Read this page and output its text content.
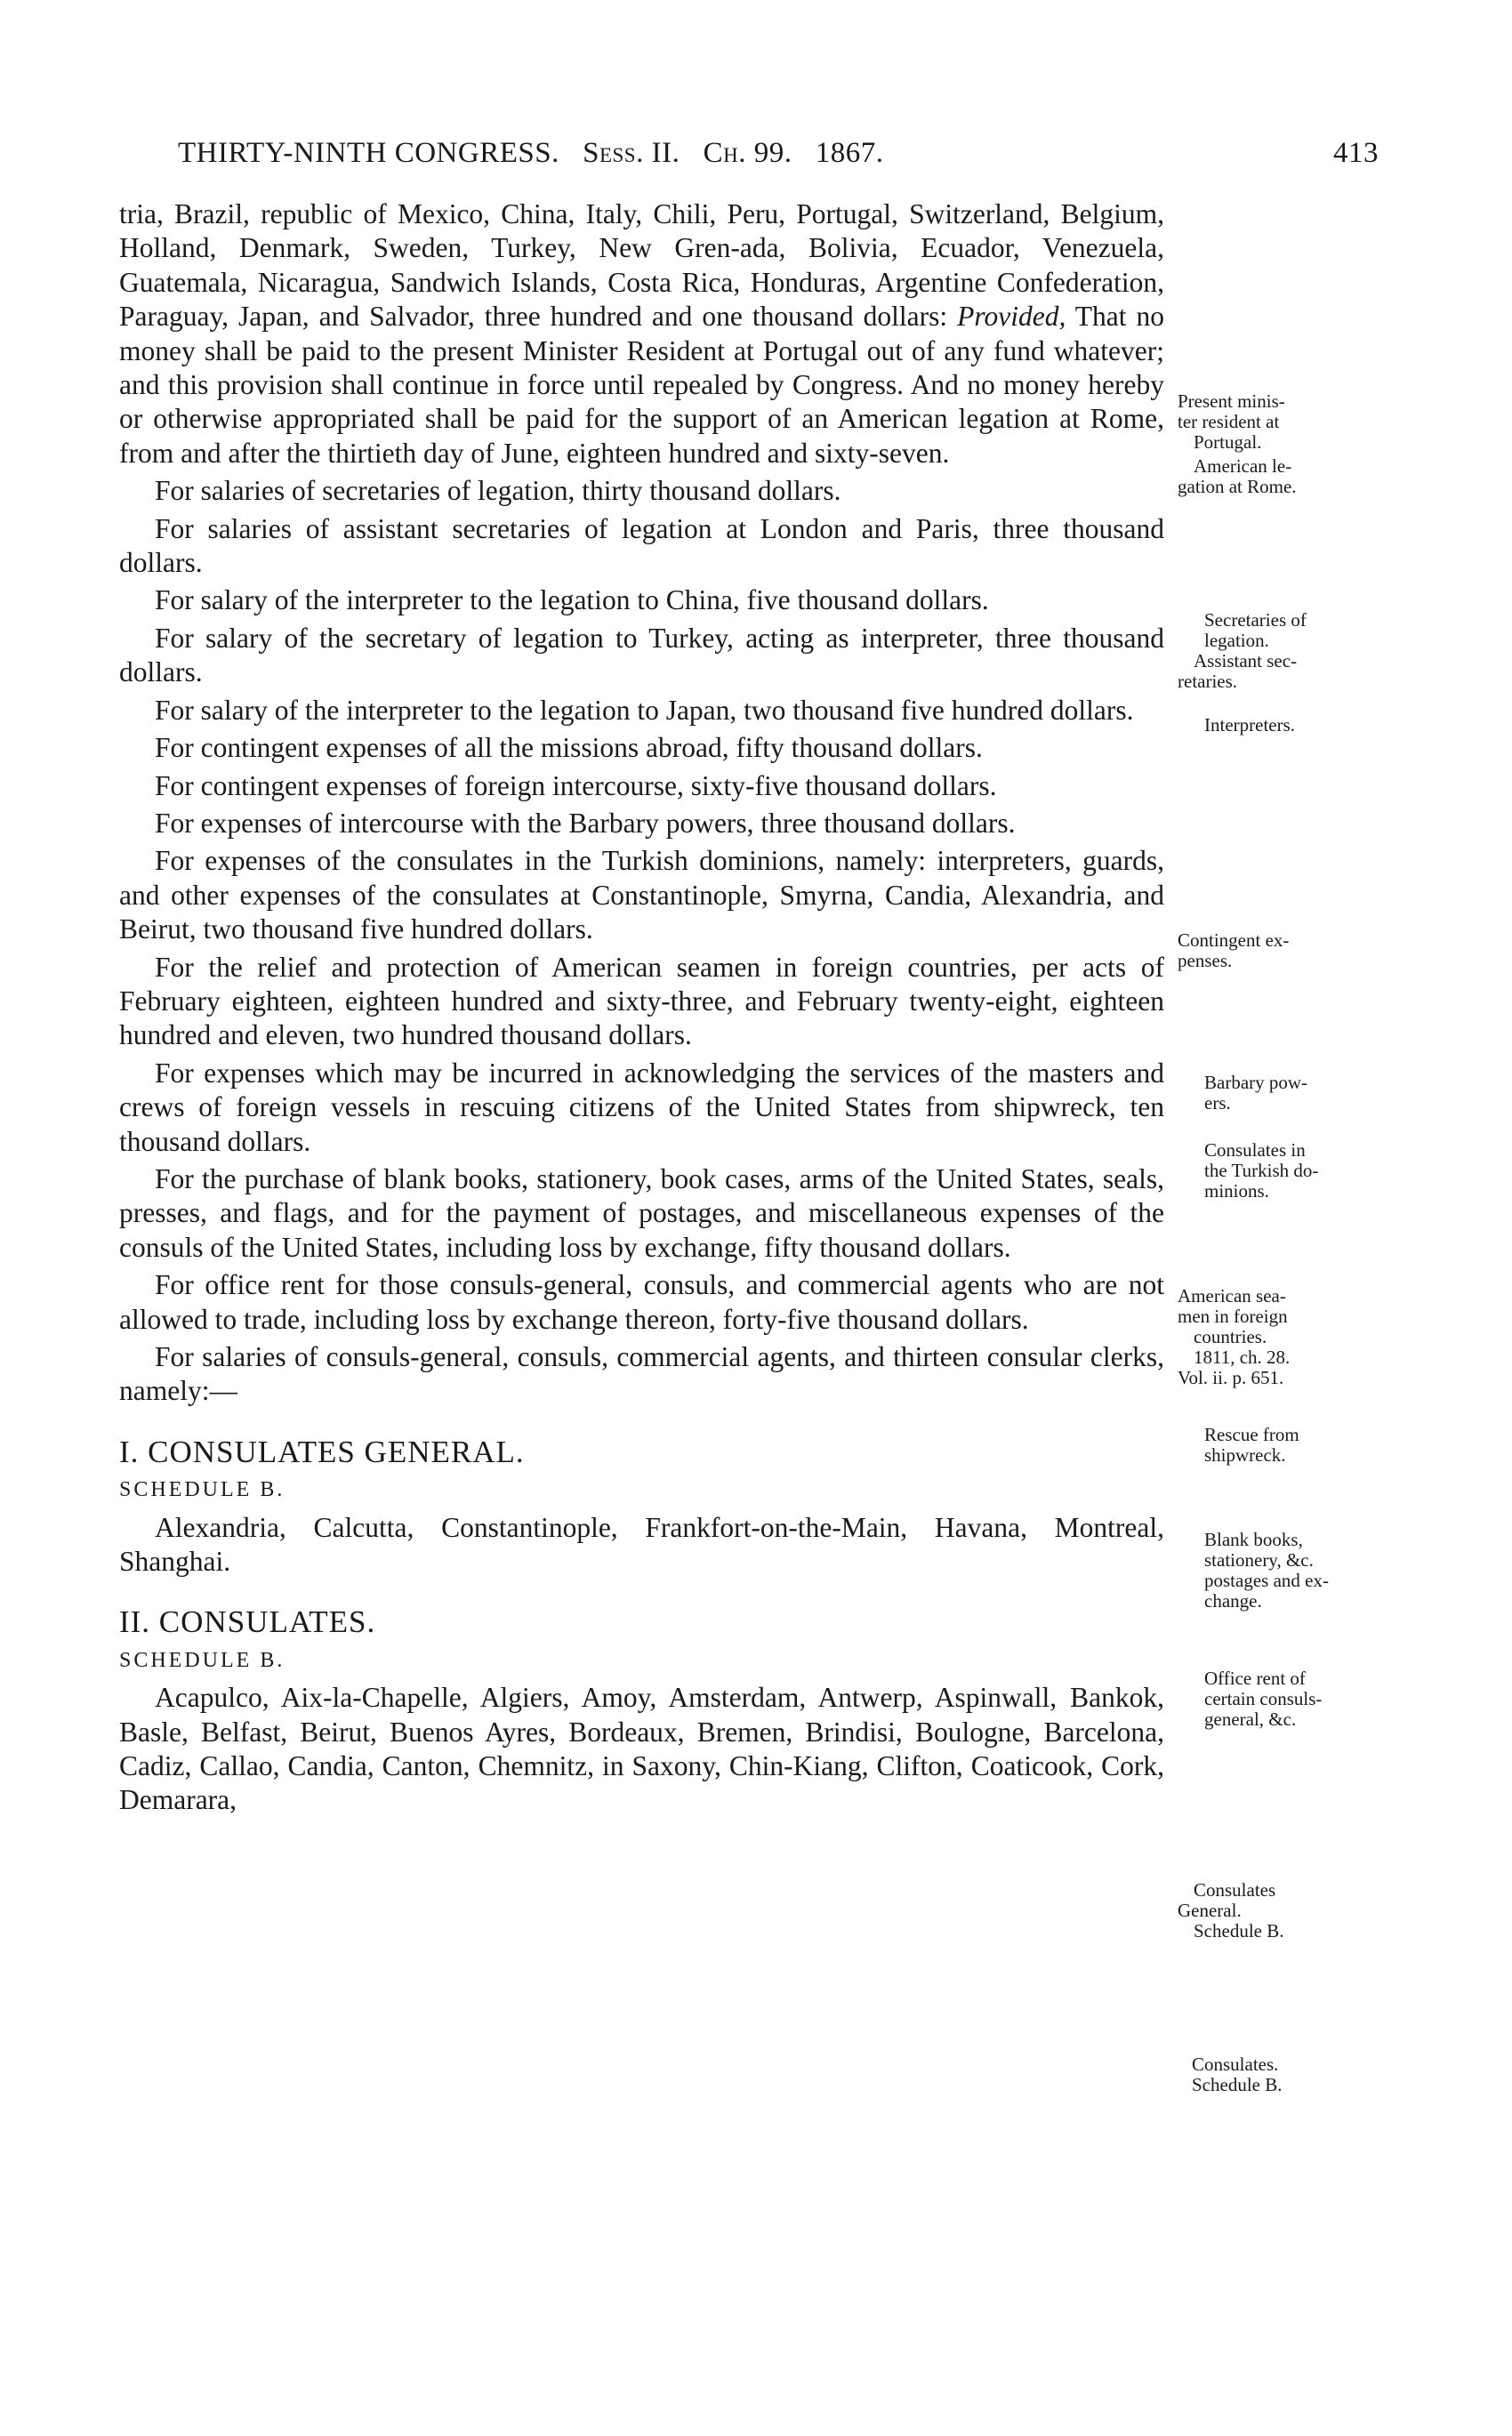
THIRTY-NINTH CONGRESS. Sess. II. Ch. 99. 1867.	413

tria, Brazil, republic of Mexico, China, Italy, Chili, Peru, Portugal, Switzerland, Belgium, Holland, Denmark, Sweden, Turkey, New Gren-ada, Bolivia, Ecuador, Venezuela, Guatemala, Nicaragua, Sandwich Islands, Costa Rica, Honduras, Argentine Confederation, Paraguay, Japan, and Salvador, three hundred and one thousand dollars: Provided, That no money shall be paid to the present Minister Resident at Portugal out of any fund whatever; and this provision shall continue in force until repealed by Congress. And no money hereby or otherwise appropriated shall be paid for the support of an American legation at Rome, from and after the thirtieth day of June, eighteen hundred and sixty-seven.

For salaries of secretaries of legation, thirty thousand dollars.

For salaries of assistant secretaries of legation at London and Paris, three thousand dollars.

For salary of the interpreter to the legation to China, five thousand dollars.

For salary of the secretary of legation to Turkey, acting as interpreter, three thousand dollars.

For salary of the interpreter to the legation to Japan, two thousand five hundred dollars.

For contingent expenses of all the missions abroad, fifty thousand dollars.

For contingent expenses of foreign intercourse, sixty-five thousand dollars.

For expenses of intercourse with the Barbary powers, three thousand dollars.

For expenses of the consulates in the Turkish dominions, namely: interpreters, guards, and other expenses of the consulates at Constantinople, Smyrna, Candia, Alexandria, and Beirut, two thousand five hundred dollars.

For the relief and protection of American seamen in foreign countries, per acts of February eighteen, eighteen hundred and sixty-three, and February twenty-eight, eighteen hundred and eleven, two hundred thousand dollars.

For expenses which may be incurred in acknowledging the services of the masters and crews of foreign vessels in rescuing citizens of the United States from shipwreck, ten thousand dollars.

For the purchase of blank books, stationery, book cases, arms of the United States, seals, presses, and flags, and for the payment of postages, and miscellaneous expenses of the consuls of the United States, including loss by exchange, fifty thousand dollars.

For office rent for those consuls-general, consuls, and commercial agents who are not allowed to trade, including loss by exchange thereon, forty-five thousand dollars.

For salaries of consuls-general, consuls, commercial agents, and thirteen consular clerks, namely:—

I. CONSULATES GENERAL.

SCHEDULE B.

Alexandria, Calcutta, Constantinople, Frankfort-on-the-Main, Havana, Montreal, Shanghai.

II. CONSULATES.

SCHEDULE B.

Acapulco, Aix-la-Chapelle, Algiers, Amoy, Amsterdam, Antwerp, Aspinwall, Bankok, Basle, Belfast, Beirut, Buenos Ayres, Bordeaux, Bremen, Brindisi, Boulogne, Barcelona, Cadiz, Callao, Candia, Canton, Chemnitz, in Saxony, Chin-Kiang, Clifton, Coaticook, Cork, Demarara,

Present minis-
ter resident at
Portugal.
American le-
gation at Rome.
Secretaries of
legation.
Assistant sec-
retaries.
Interpreters.
Contingent ex-
penses.
Barbary pow-
ers.
Consulates in
the Turkish do-
minions.
American sea-
men in foreign
countries.
1811, ch. 28.
Vol. ii. p. 651.
Rescue from
shipwreck.
Blank books,
stationery, &c.
postages and ex-
change.
Office rent of
certain consuls-
general, &c.
Consulates
General.
Schedule B.
Consulates.
Schedule B.
